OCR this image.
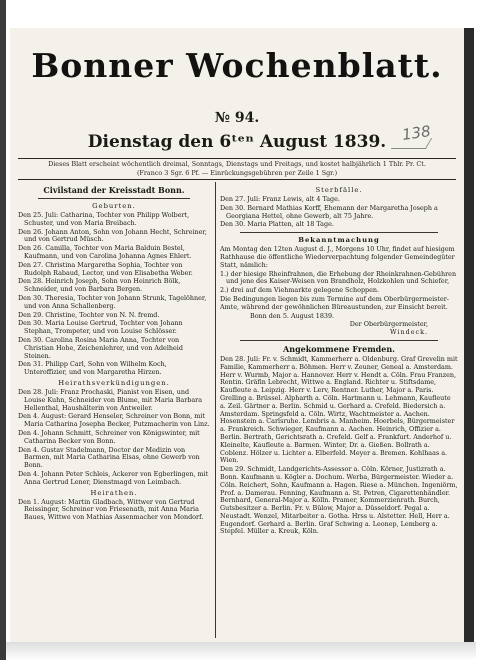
Bonner Wochenblatt.
138
№ 94.
Dienstag den 6ᵗᵉⁿ August 1839.
Dieses Blatt erscheint wöchentlich dreimal, Sonntags, Dienstags und Freitags, und kostet halbjährlich 1 Thlr. Pr. Ct.
(Franco 3 Sgr. 6 Pf. — Einrückungsgebühren per Zeile 1 Sgr.)
Civilstand der Kreisstadt Bonn.
Geburten.
Den 25. Juli: Catharina, Tochter von Philipp Wolbert, Schuster, und von Maria Breibach.
Den 26. Johann Anton, Sohn von Johann Hecht, Schreiner, und von Gertrud Müsch.
Den 26. Camilla, Tochter von Maria Balduin Bestel, Kaufmann, und von Carolina Johanna Agnes Ehlert.
Den 27. Christina Margaretha Sophia, Tochter von Rudolph Rabaud, Lector, und von Elisabetha Weber.
Den 28. Heinrich Joseph, Sohn von Heinrich Bölk, Schneider, und von Barbara Bergen.
Den 30. Theresia, Tochter von Johann Strunk, Tagelöhner, und von Anna Schallenberg.
Den 29. Christine, Tochter von N. N. fremd.
Den 30. Maria Louise Gertrud, Tochter von Johann Stephan, Trompeter, und von Louise Schlösser.
Den 30. Carolina Rosina Maria Anna, Tochter von Christian Hohe, Zeichenlehrer, und von Adelheid Steinen.
Den 31. Philipp Carl, Sohn von Wilhelm Koch, Unteroffizier, und von Margaretha Hirzen.
Heirathsverkündigungen.
Den 28. Juli: Franz Prochaski, Pianist von Eisen, und Louise Kuhn, Schneider von Blume, mit Maria Barbara Hellenthal, Haushälterin von Antweiler.
Den 4. August: Gerard Henseler, Schreiner von Bonn, mit Maria Catharina Josepha Becker, Putzmacherin von Linz.
Den 4. Johann Schmitt, Schreiner von Königswinter, mit Catharina Becker von Bonn.
Den 4. Gustav Stadelmann, Doctor der Medizin von Barmen, mit Maria Catharina Elsas, ohne Gewerb von Bonn.
Den 4. Johann Peter Schleis, Ackerer von Egberlingen, mit Anna Gertrud Lener, Dienstmagd von Leimbach.
Heirathen.
Den 1. August: Martin Gladbach, Wittwer von Gertrud Reissinger, Schreiner von Friesenath, mit Anna Maria Baues, Wittwe von Mathias Assenmacher von Mondorf.
Sterbfälle.
Den 27. Juli: Franz Lewis, alt 4 Tage.
Den 30. Bernard Mathias Korff, Ehemann der Margaretha Joseph a Georgiana Hettel, ohne Gewerb, alt 75 Jahre.
Den 30. Maria Platten, alt 18 Tage.
Bekanntmachung
Am Montag den 12ten August d. J., Morgens 10 Uhr, findet auf hiesigem Rathhause die öffentliche Wiederverpachtung folgender Gemeindegüter Statt, nämlich:
1.) der hiesige Rheinfrahnen, die Erhebung der Rheinkrahnen-Gebühren und jene des Kaiser-Weisen von Brandholz, Holzkohlen und Schiefer,
2.) drei auf dem Viehmarkte gelegene Schoppen.
Die Bedingungen liegen bis zum Termine auf dem Oberbürgermeister-Amte, während der gewöhnlichen Büreaustunden, zur Einsicht bereit.
Bonn den 5. August 1839.
Der Oberbürgermeister,
Windeck.
Angekommene Fremden.
Den 28. Juli: Fr. v. Schmidt, Kammerherr a. Oldenburg. Graf Grevelin mit Familie, Kammerherr a. Böhmen. Herr v. Zeuner, Geneal a. Amsterdam. Herr v. Wurmb, Major a. Hannover. Herr v. Hendt a. Cöln. Frau Franzen, Rentin. Gräfin Lebrecht, Wittwe a. England. Richter u. Stiftsdame, Kaufleute a. Leipzig. Herr v. Lerv, Rentner. Luther, Major a. Paris. Grelling a. Brüssel. Alpharth a. Cöln. Hartmann u. Lehmann, Kaufleute a. Zeil. Gärtner a. Berlin. Schmid u. Gerhard a. Crefeld. Biedersich a. Amsterdam. Springsfeld a. Cöln. Wirtz, Wachtmeister a. Aachen. Hosenstein a. Carlsruhe. Lembris a. Manheim. Hoerbels, Bürgermeister a. Frankreich. Schwieger, Kaufmann a. Aachen. Heinrich, Offizier a. Berlin. Bertrath, Gerichtsrath a. Crefeld. Gelf a. Frankfurt. Anderhof u. Kleinelte, Kaufleute a. Barmen. Winter, Dr. a. Gießen. Bollrath a. Coblenz. Hölzer u. Lichter a. Elberfeld. Meyer a. Bremen. Kohlhaas a. Wien.
Den 29. Schmidt, Landgerichts-Assessor a. Cöln. Körner, Justizrath a. Bonn. Kaufmann u. Kögler a. Dochum. Werba, Bürgermeister. Wieder a. Cöln. Reichert, Sohn, Kaufmann a. Hagen. Riese a. München. Ingeniörm, Prof. a. Damerau. Fenning, Kaufmann a. St. Petren, Cigarettenhändler. Bernhard, General-Major a. Kölln. Pramer, Kommerzienrath. Burch, Gutsbesitzer a. Berlin. Fr. v. Bülow, Major a. Düsseldorf. Pegal a. Neustadt. Wenzel, Mitarbeiter a. Gotha. Hrss u. Alstetter. Hell, Herr a. Eugendorf. Gerhard a. Berlin. Graf Schwing a. Leonep, Lemberg a. Stepfel. Müller a. Kreuk, Köln.
